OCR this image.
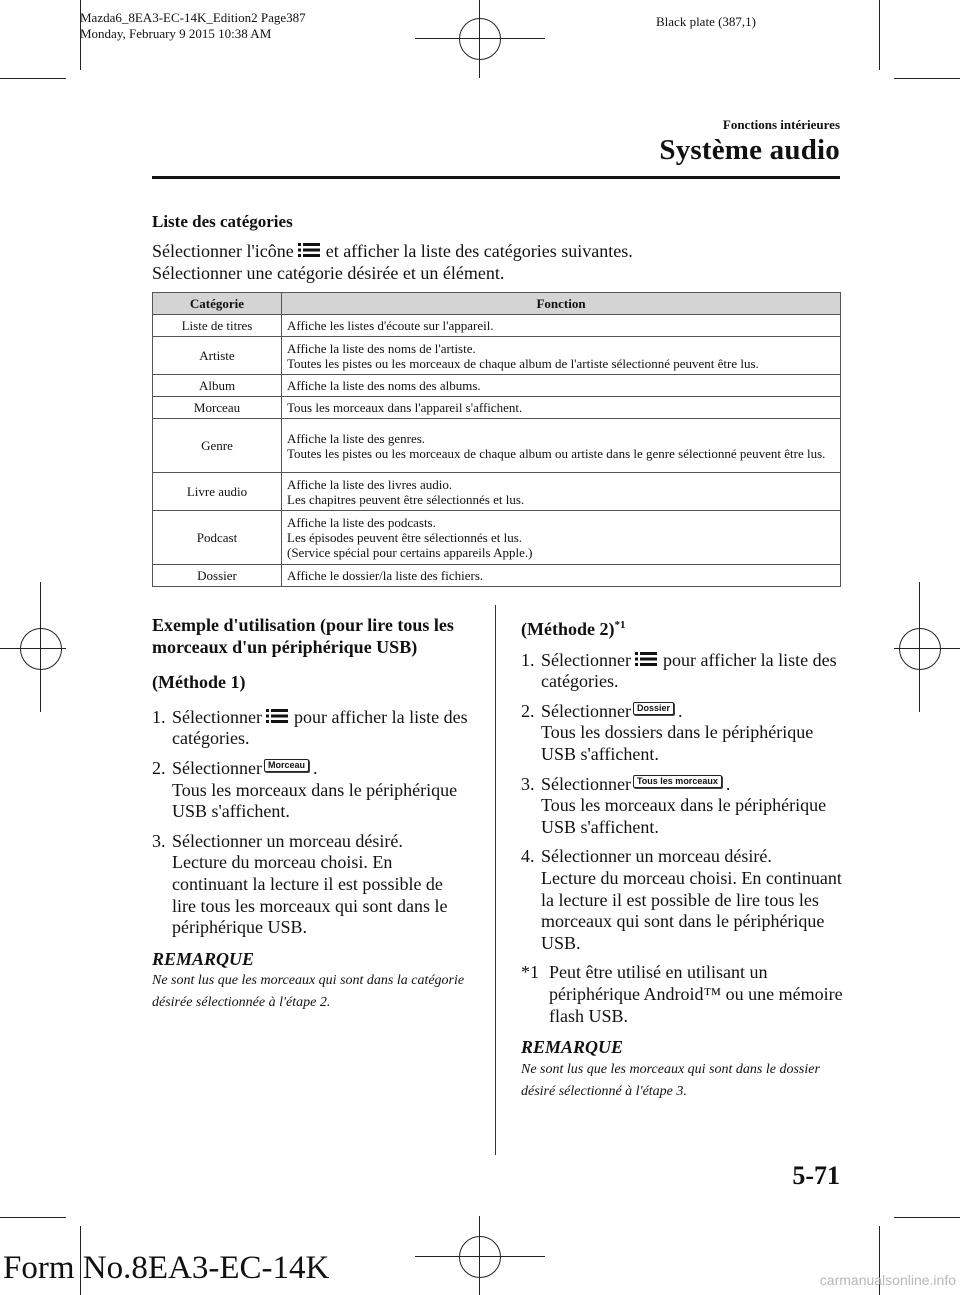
Mazda6_8EA3-EC-14K_Edition2 Page387
Monday, February 9 2015 10:38 AM
Black plate (387,1)
Fonctions intérieures
Système audio
Liste des catégories
Sélectionner l'icône et afficher la liste des catégories suivantes.
Sélectionner une catégorie désirée et un élément.
Catégorie	Fonction
Liste de titres	Affiche les listes d'écoute sur l'appareil.

Artiste	Affiche la liste des noms de l'artiste.
Toutes les pistes ou les morceaux de chaque album de l'artiste sélectionné peuvent être lus.

Album	Affiche la liste des noms des albums.

Morceau	Tous les morceaux dans l'appareil s'affichent.

Genre	Affiche la liste des genres.
Toutes les pistes ou les morceaux de chaque album ou artiste dans le genre sélectionné peuvent être lus.

Livre audio	Affiche la liste des livres audio.
Les chapitres peuvent être sélectionnés et lus.

Podcast	Affiche la liste des podcasts.
Les épisodes peuvent être sélectionnés et lus.
(Service spécial pour certains appareils Apple.)

Dossier	Affiche le dossier/la liste des fichiers.

Exemple d'utilisation (pour lire tous les morceaux d'un périphérique USB)

(Méthode 1)

1. Sélectionner pour afficher la liste des catégories.
2. Sélectionner Morceau .
Tous les morceaux dans le périphérique USB s'affichent.
3. Sélectionner un morceau désiré.
Lecture du morceau choisi. En continuant la lecture il est possible de lire tous les morceaux qui sont dans le périphérique USB.

REMARQUE

Ne sont lus que les morceaux qui sont dans la catégorie désirée sélectionnée à l'étape 2.

(Méthode 2)$^{*1}$

1. Sélectionner pour afficher la liste des catégories.
2. Sélectionner Dossier .
Tous les dossiers dans le périphérique USB s'affichent.
3. Sélectionner Tous les morceaux .
Tous les morceaux dans le périphérique USB s'affichent.
4. Sélectionner un morceau désiré.
Lecture du morceau choisi. En continuant la lecture il est possible de lire tous les morceaux qui sont dans le périphérique USB.
*1 Peut être utilisé en utilisant un périphérique Android™ ou une mémoire flash USB.

REMARQUE

Ne sont lus que les morceaux qui sont dans le dossier désiré sélectionné à l'étape 3.

5-71
Form No.8EA3-EC-14K	carmanualsonline.info
